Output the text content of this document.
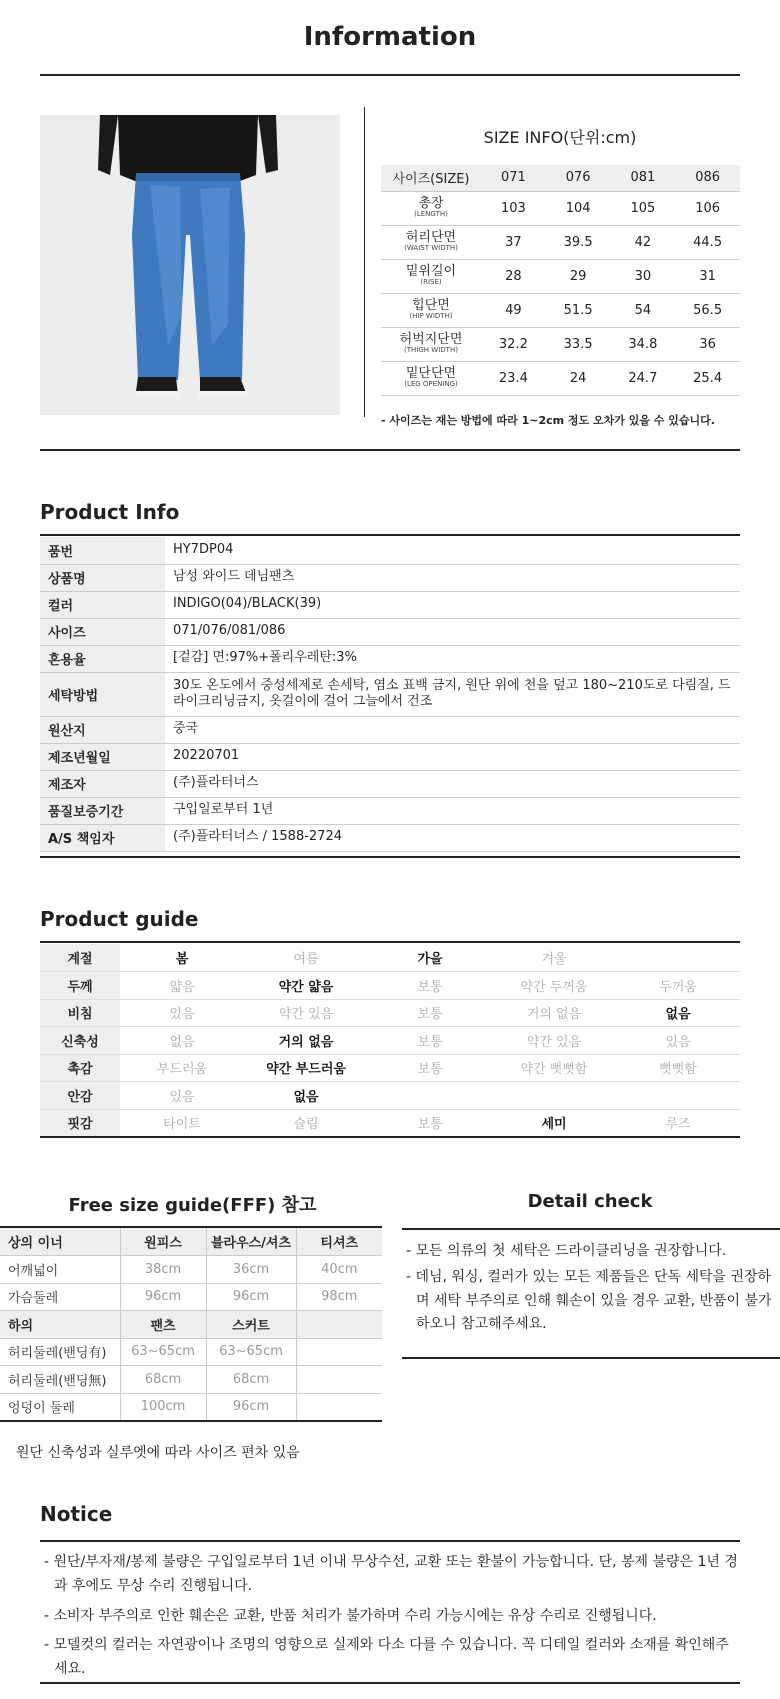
Information
SIZE INFO(단위:cm)
사이즈(SIZE)	071	076	081	086
총장
(LENGTH)	103	104	105	106
허리단면
(WAIST WIDTH)	37	39.5	42	44.5
밑위길이
(RISE)	28	29	30	31
힙단면
(HIP WIDTH)	49	51.5	54	56.5
허벅지단면
(THIGH WIDTH)	32.2	33.5	34.8	36
밑단단면
(LEG OPENING)	23.4	24	24.7	25.4
- 사이즈는 재는 방법에 따라 1~2cm 정도 오차가 있을 수 있습니다.
Product Info
품번	HY7DP04
상품명	남성 와이드 데님팬츠
컬러	INDIGO(04)/BLACK(39)
사이즈	071/076/081/086
혼용율	[겉감] 면:97%+폴리우레탄:3%
세탁방법	30도 온도에서 중성세제로 손세탁, 염소 표백 금지, 원단 위에 천을 덮고 180~210도로 다림질, 드라이크리닝금지, 옷걸이에 걸어 그늘에서 건조
원산지	중국
제조년월일	20220701
제조자	(주)플라터너스
품질보증기간	구입일로부터 1년
A/S 책임자	(주)플라터너스 / 1588-2724
Product guide
계절	봄	여름	가을	겨울	
두께	얇음	약간 얇음	보통	약간 두꺼움	두꺼움
비침	있음	약간 있음	보통	거의 없음	없음
신축성	없음	거의 없음	보통	약간 있음	있음
촉감	부드러움	약간 부드러움	보통	약간 뻣뻣함	뻣뻣함
안감	있음	없음			
핏감	타이트	슬림	보통	세미	루즈
Free size guide(FFF) 참고
상의 이너	원피스	블라우스/셔츠	티셔츠
어깨넓이	38cm	36cm	40cm
가슴둘레	96cm	96cm	98cm
하의	팬츠	스커트	
허리둘레(밴딩有)	63~65cm	63~65cm	
허리둘레(밴딩無)	68cm	68cm	
엉덩이 둘레	100cm	96cm	
원단 신축성과 실루엣에 따라 사이즈 편차 있음
Detail check

- 모든 의류의 첫 세탁은 드라이클리닝을 권장합니다.

- 데님, 워싱, 컬러가 있는 모든 제품들은 단독 세탁을 권장하며 세탁 부주의로 인해 훼손이 있을 경우 교환, 반품이 불가하오니 참고해주세요.

Notice

- 원단/부자재/봉제 불량은 구입일로부터 1년 이내 무상수선, 교환 또는 환불이 가능합니다. 단, 봉제 불량은 1년 경과 후에도 무상 수리 진행됩니다.

- 소비자 부주의로 인한 훼손은 교환, 반품 처리가 불가하며 수리 가능시에는 유상 수리로 진행됩니다.

- 모델컷의 컬러는 자연광이나 조명의 영향으로 실제와 다소 다를 수 있습니다. 꼭 디테일 컬러와 소재를 확인해주세요.
